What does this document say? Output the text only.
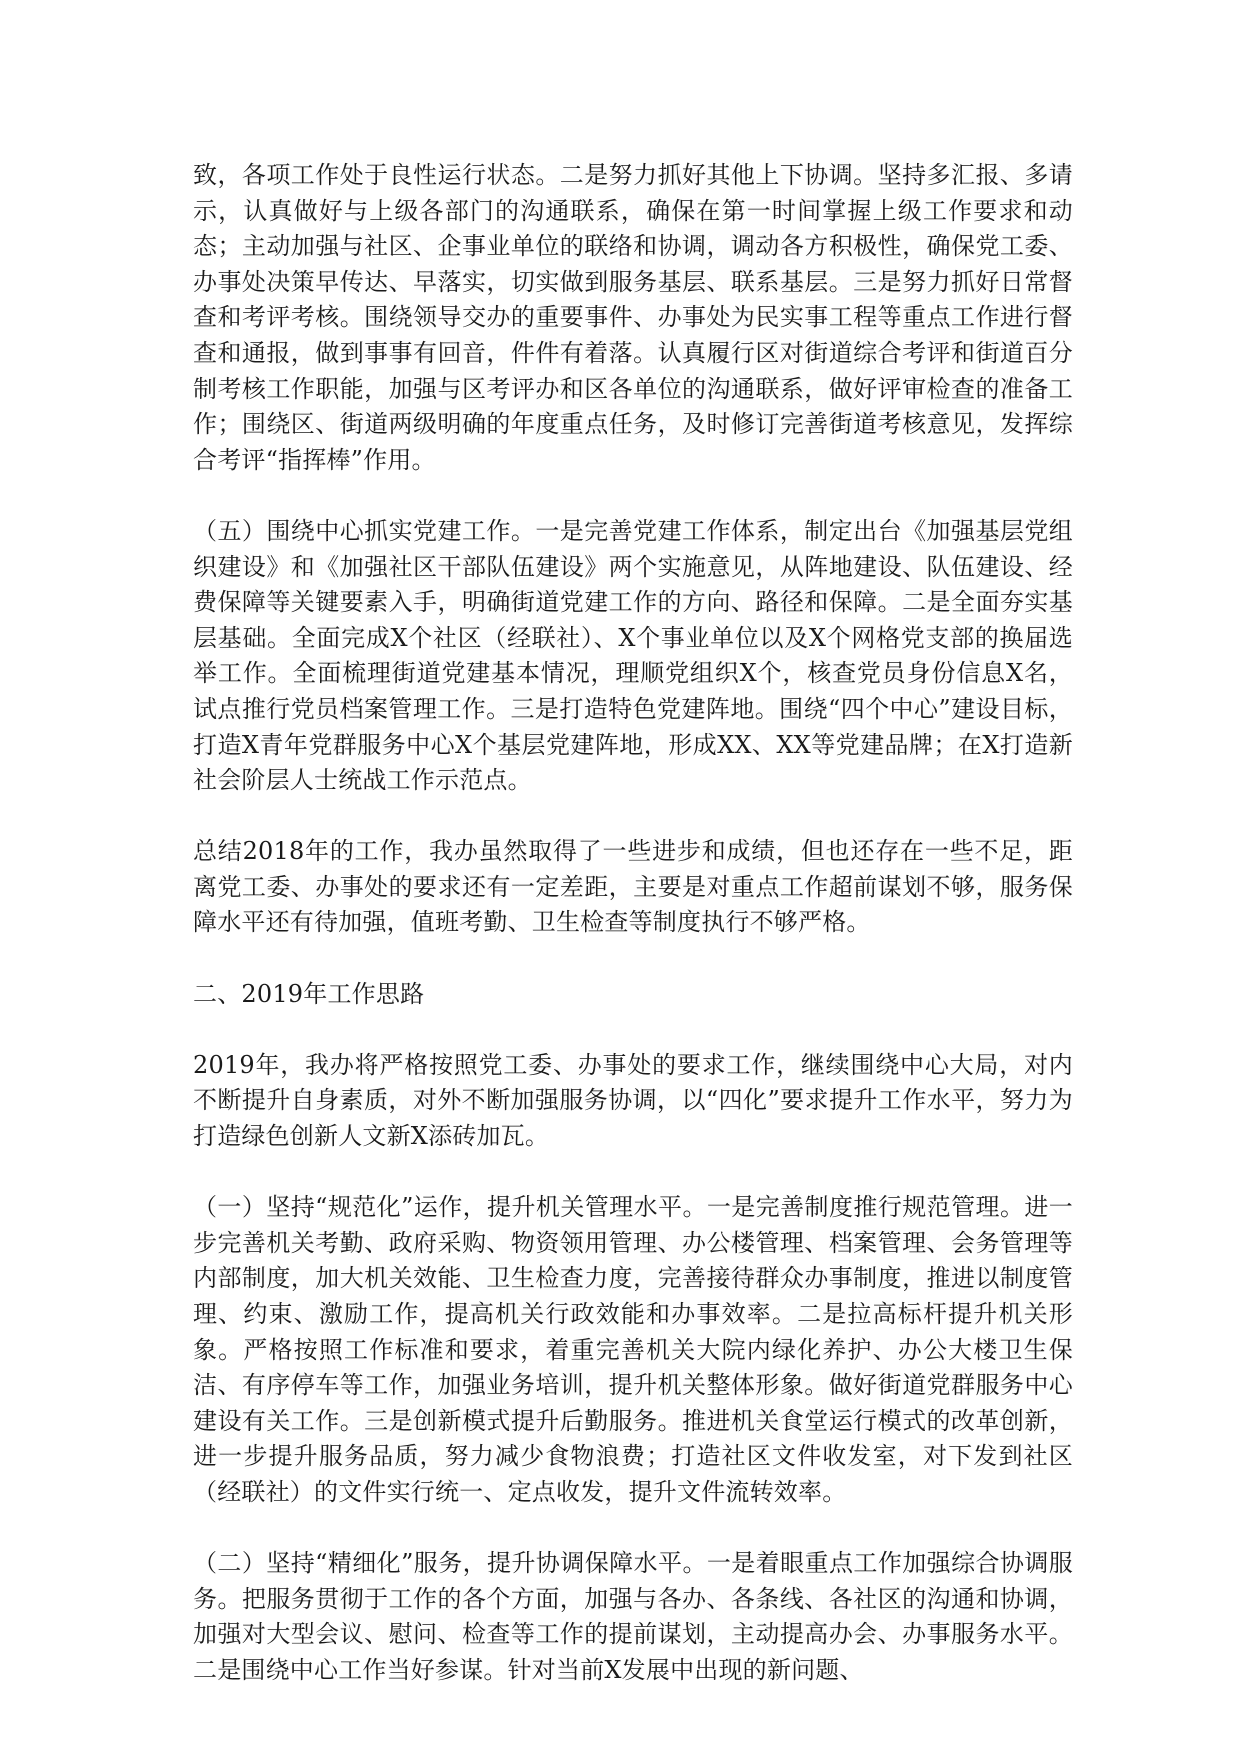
致，各项工作处于良性运行状态。二是努力抓好其他上下协调。坚持多汇报、多请示，认真做好与上级各部门的沟通联系，确保在第一时间掌握上级工作要求和动态；主动加强与社区、企事业单位的联络和协调，调动各方积极性，确保党工委、办事处决策早传达、早落实，切实做到服务基层、联系基层。三是努力抓好日常督查和考评考核。围绕领导交办的重要事件、办事处为民实事工程等重点工作进行督查和通报，做到事事有回音，件件有着落。认真履行区对街道综合考评和街道百分制考核工作职能，加强与区考评办和区各单位的沟通联系，做好评审检查的准备工作；围绕区、街道两级明确的年度重点任务，及时修订完善街道考核意见，发挥综合考评“指挥棒”作用。

（五）围绕中心抓实党建工作。一是完善党建工作体系，制定出台《加强基层党组织建设》和《加强社区干部队伍建设》两个实施意见，从阵地建设、队伍建设、经费保障等关键要素入手，明确街道党建工作的方向、路径和保障。二是全面夯实基层基础。全面完成X个社区（经联社）、X个事业单位以及X个网格党支部的换届选举工作。全面梳理街道党建基本情况，理顺党组织X个，核查党员身份信息X名，试点推行党员档案管理工作。三是打造特色党建阵地。围绕“四个中心”建设目标，打造X青年党群服务中心X个基层党建阵地，形成XX、XX等党建品牌；在X打造新社会阶层人士统战工作示范点。

总结2018年的工作，我办虽然取得了一些进步和成绩，但也还存在一些不足，距离党工委、办事处的要求还有一定差距，主要是对重点工作超前谋划不够，服务保障水平还有待加强，值班考勤、卫生检查等制度执行不够严格。

二、2019年工作思路

2019年，我办将严格按照党工委、办事处的要求工作，继续围绕中心大局，对内不断提升自身素质，对外不断加强服务协调，以“四化”要求提升工作水平，努力为打造绿色创新人文新X添砖加瓦。

（一）坚持“规范化”运作，提升机关管理水平。一是完善制度推行规范管理。进一步完善机关考勤、政府采购、物资领用管理、办公楼管理、档案管理、会务管理等内部制度，加大机关效能、卫生检查力度，完善接待群众办事制度，推进以制度管理、约束、激励工作，提高机关行政效能和办事效率。二是拉高标杆提升机关形象。严格按照工作标准和要求，着重完善机关大院内绿化养护、办公大楼卫生保洁、有序停车等工作，加强业务培训，提升机关整体形象。做好街道党群服务中心建设有关工作。三是创新模式提升后勤服务。推进机关食堂运行模式的改革创新，进一步提升服务品质，努力减少食物浪费；打造社区文件收发室，对下发到社区（经联社）的文件实行统一、定点收发，提升文件流转效率。

（二）坚持“精细化”服务，提升协调保障水平。一是着眼重点工作加强综合协调服务。把服务贯彻于工作的各个方面，加强与各办、各条线、各社区的沟通和协调，加强对大型会议、慰问、检查等工作的提前谋划，主动提高办会、办事服务水平。二是围绕中心工作当好参谋。针对当前X发展中出现的新问题、
